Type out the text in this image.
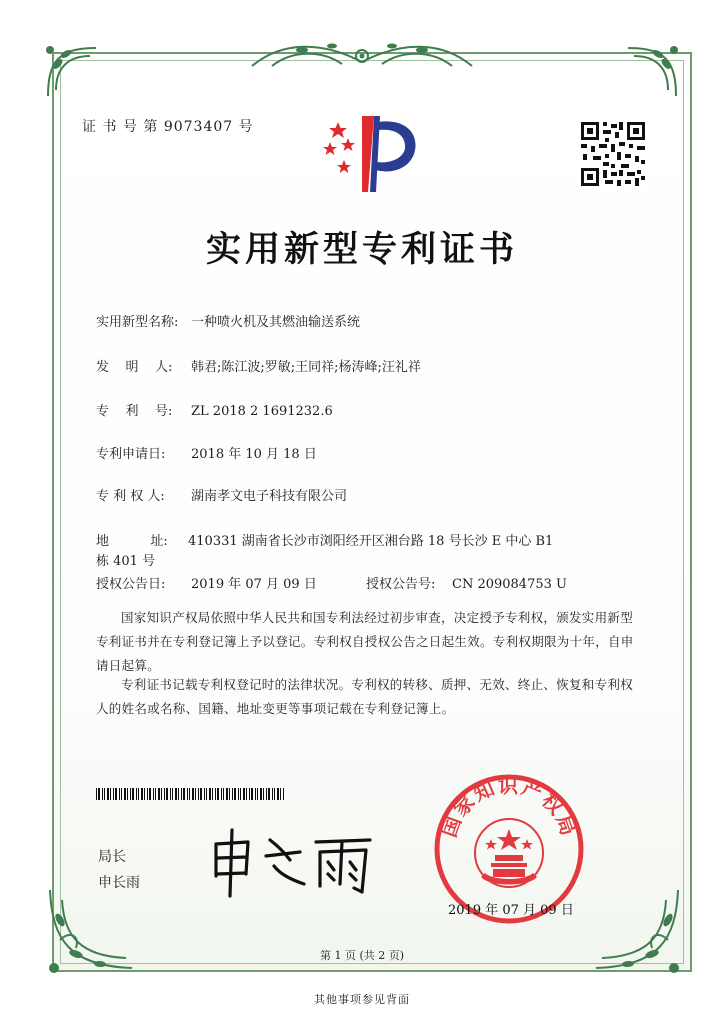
证 书 号 第 9073407 号
实用新型专利证书
实用新型名称: 一种喷火机及其燃油输送系统
发    明    人: 韩君;陈江波;罗敏;王同祥;杨涛峰;汪礼祥
专    利    号: ZL 2018 2 1691232.6
专利申请日: 2018 年 10 月 18 日
专 利 权 人: 湖南孝文电子科技有限公司
地          址:	410331 湖南省长沙市浏阳经开区湘台路 18 号长沙 E 中心 B1
栋 401 号
授权公告日: 2019 年 07 月 09 日	授权公告号: CN 209084753 U
国家知识产权局依照中华人民共和国专利法经过初步审查，决定授予专利权，颁发实用新型专利证书并在专利登记簿上予以登记。专利权自授权公告之日起生效。专利权期限为十年，自申请日起算。
专利证书记载专利权登记时的法律状况。专利权的转移、质押、无效、终止、恢复和专利权人的姓名或名称、国籍、地址变更等事项记载在专利登记簿上。
局长
申长雨
国家知识产权局
2019 年 07 月 09 日
第 1 页 (共 2 页)
其他事项参见背面
